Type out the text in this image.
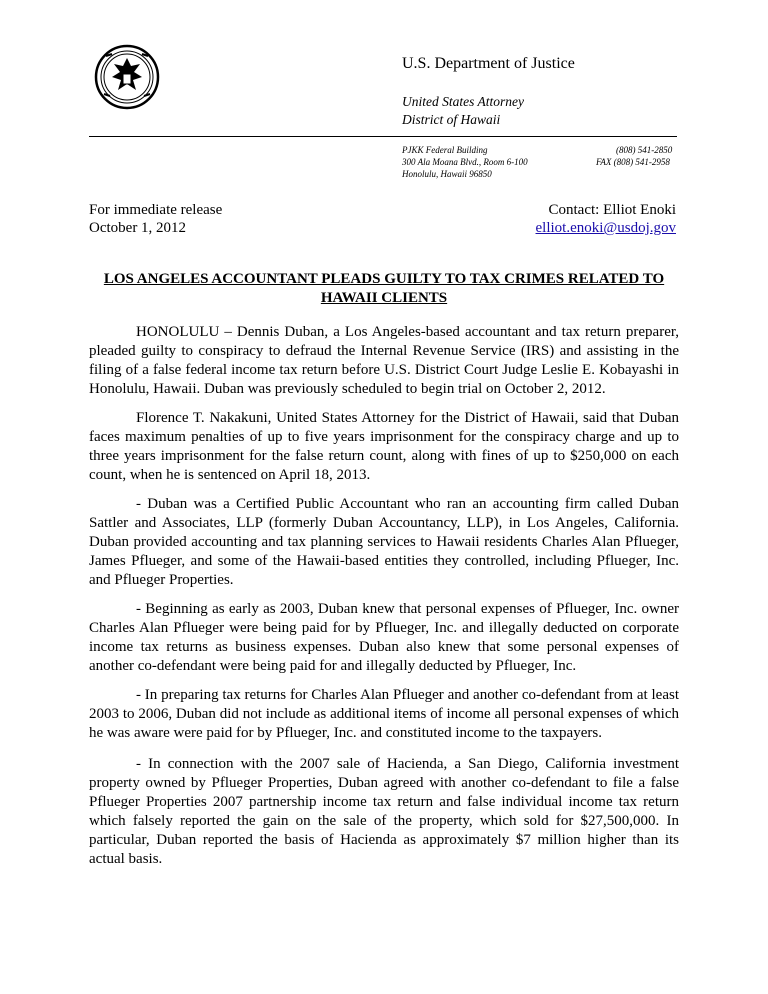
U.S. Department of Justice
United States Attorney
District of Hawaii
PJKK Federal Building
300 Ala Moana Blvd., Room 6-100
Honolulu, Hawaii 96850
(808) 541-2850
FAX (808) 541-2958
For immediate release
October 1, 2012
Contact: Elliot Enoki
elliot.enoki@usdoj.gov
LOS ANGELES ACCOUNTANT PLEADS GUILTY TO TAX CRIMES RELATED TO HAWAII CLIENTS
HONOLULU – Dennis Duban, a Los Angeles-based accountant and tax return preparer, pleaded guilty to conspiracy to defraud the Internal Revenue Service (IRS) and assisting in the filing of a false federal income tax return before U.S. District Court Judge Leslie E. Kobayashi in Honolulu, Hawaii. Duban was previously scheduled to begin trial on October 2, 2012.
Florence T. Nakakuni, United States Attorney for the District of Hawaii, said that Duban faces maximum penalties of up to five years imprisonment for the conspiracy charge and up to three years imprisonment for the false return count, along with fines of up to $250,000 on each count, when he is sentenced on April 18, 2013.
- Duban was a Certified Public Accountant who ran an accounting firm called Duban Sattler and Associates, LLP (formerly Duban Accountancy, LLP), in Los Angeles, California. Duban provided accounting and tax planning services to Hawaii residents Charles Alan Pflueger, James Pflueger, and some of the Hawaii-based entities they controlled, including Pflueger, Inc. and Pflueger Properties.
- Beginning as early as 2003, Duban knew that personal expenses of Pflueger, Inc. owner Charles Alan Pflueger were being paid for by Pflueger, Inc. and illegally deducted on corporate income tax returns as business expenses. Duban also knew that some personal expenses of another co-defendant were being paid for and illegally deducted by Pflueger, Inc.
- In preparing tax returns for Charles Alan Pflueger and another co-defendant from at least 2003 to 2006, Duban did not include as additional items of income all personal expenses of which he was aware were paid for by Pflueger, Inc. and constituted income to the taxpayers.
- In connection with the 2007 sale of Hacienda, a San Diego, California investment property owned by Pflueger Properties, Duban agreed with another co-defendant to file a false Pflueger Properties 2007 partnership income tax return and false individual income tax return which falsely reported the gain on the sale of the property, which sold for $27,500,000. In particular, Duban reported the basis of Hacienda as approximately $7 million higher than its actual basis.
